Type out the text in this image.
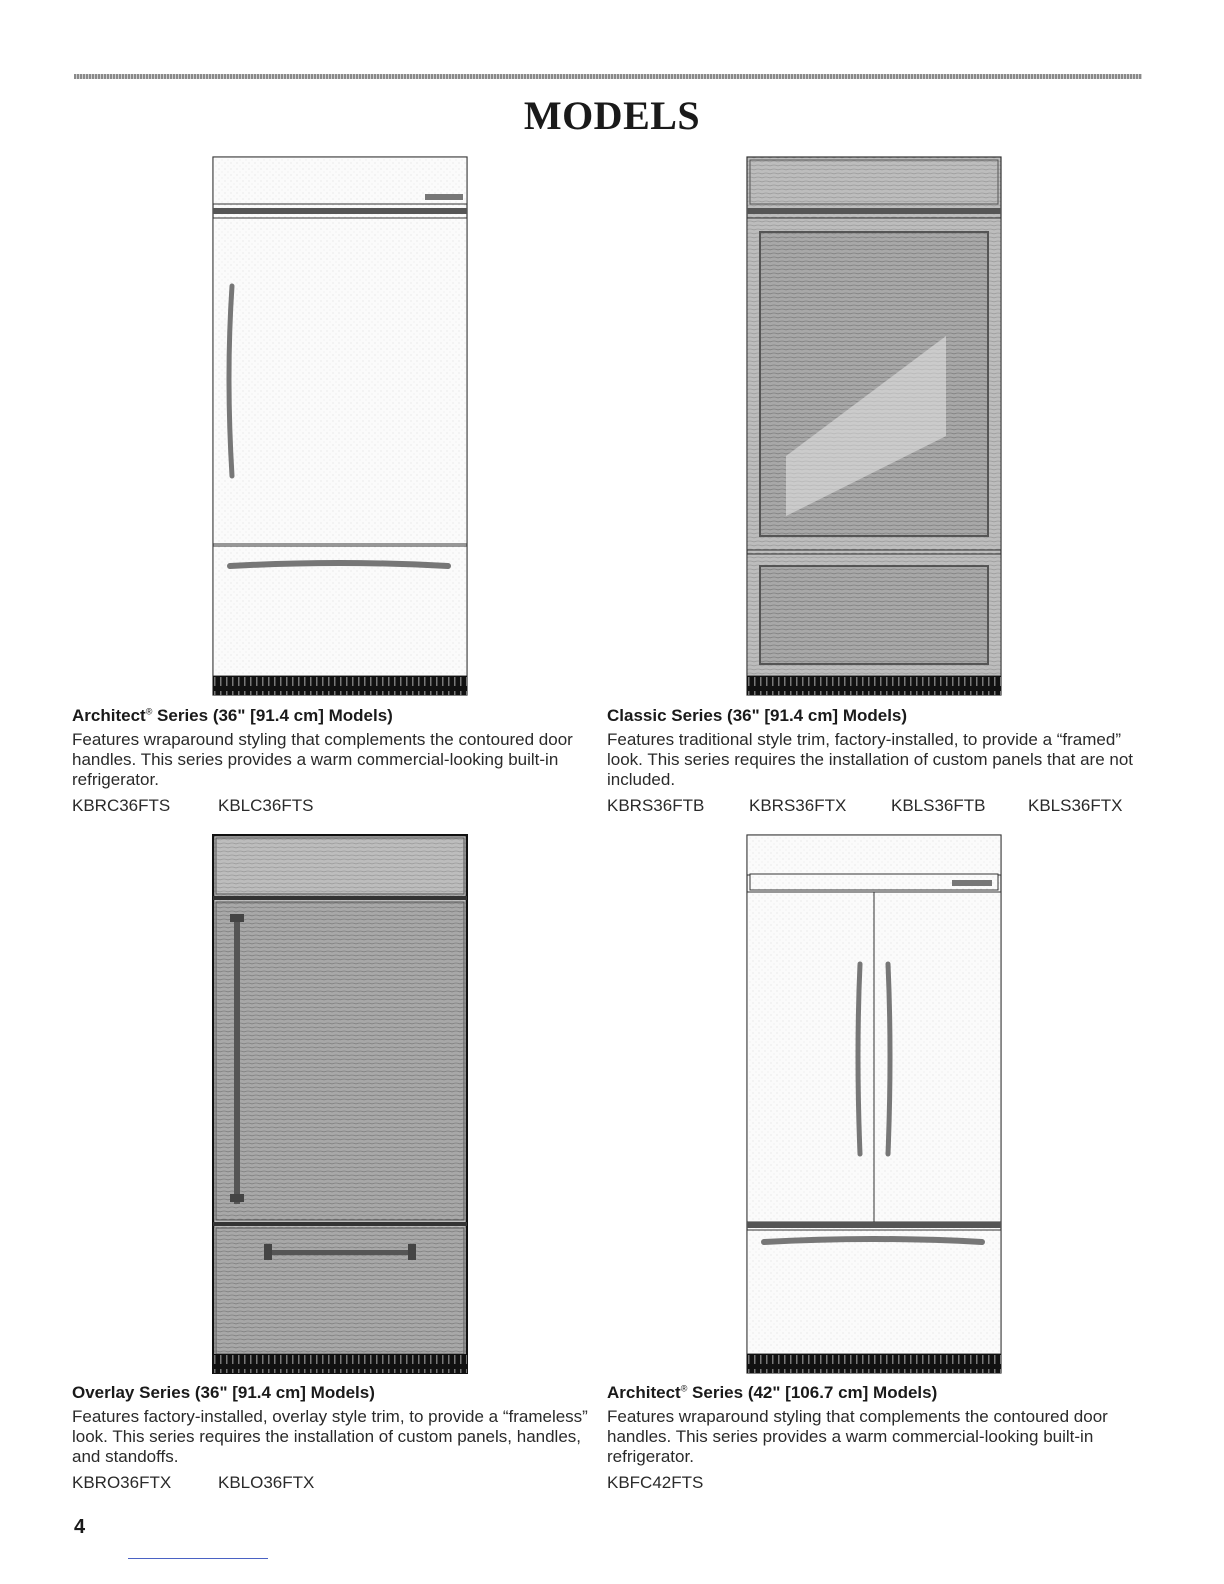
MODELS
Architect® Series (36" [91.4 cm] Models)
Features wraparound styling that complements the contoured door handles. This series provides a warm commercial-looking built-in refrigerator.
KBRC36FTS	KBLC36FTS
Classic Series (36" [91.4 cm] Models)
Features traditional style trim, factory-installed, to provide a “framed” look. This series requires the installation of custom panels that are not included.
KBRS36FTB	KBRS36FTX	KBLS36FTB	KBLS36FTX
Overlay Series (36" [91.4 cm] Models)
Features factory-installed, overlay style trim, to provide a “frameless” look. This series requires the installation of custom panels, handles, and standoffs.
KBRO36FTX	KBLO36FTX
Architect® Series (42" [106.7 cm] Models)
Features wraparound styling that complements the contoured door handles. This series provides a warm commercial-looking built-in refrigerator.
KBFC42FTS
4
